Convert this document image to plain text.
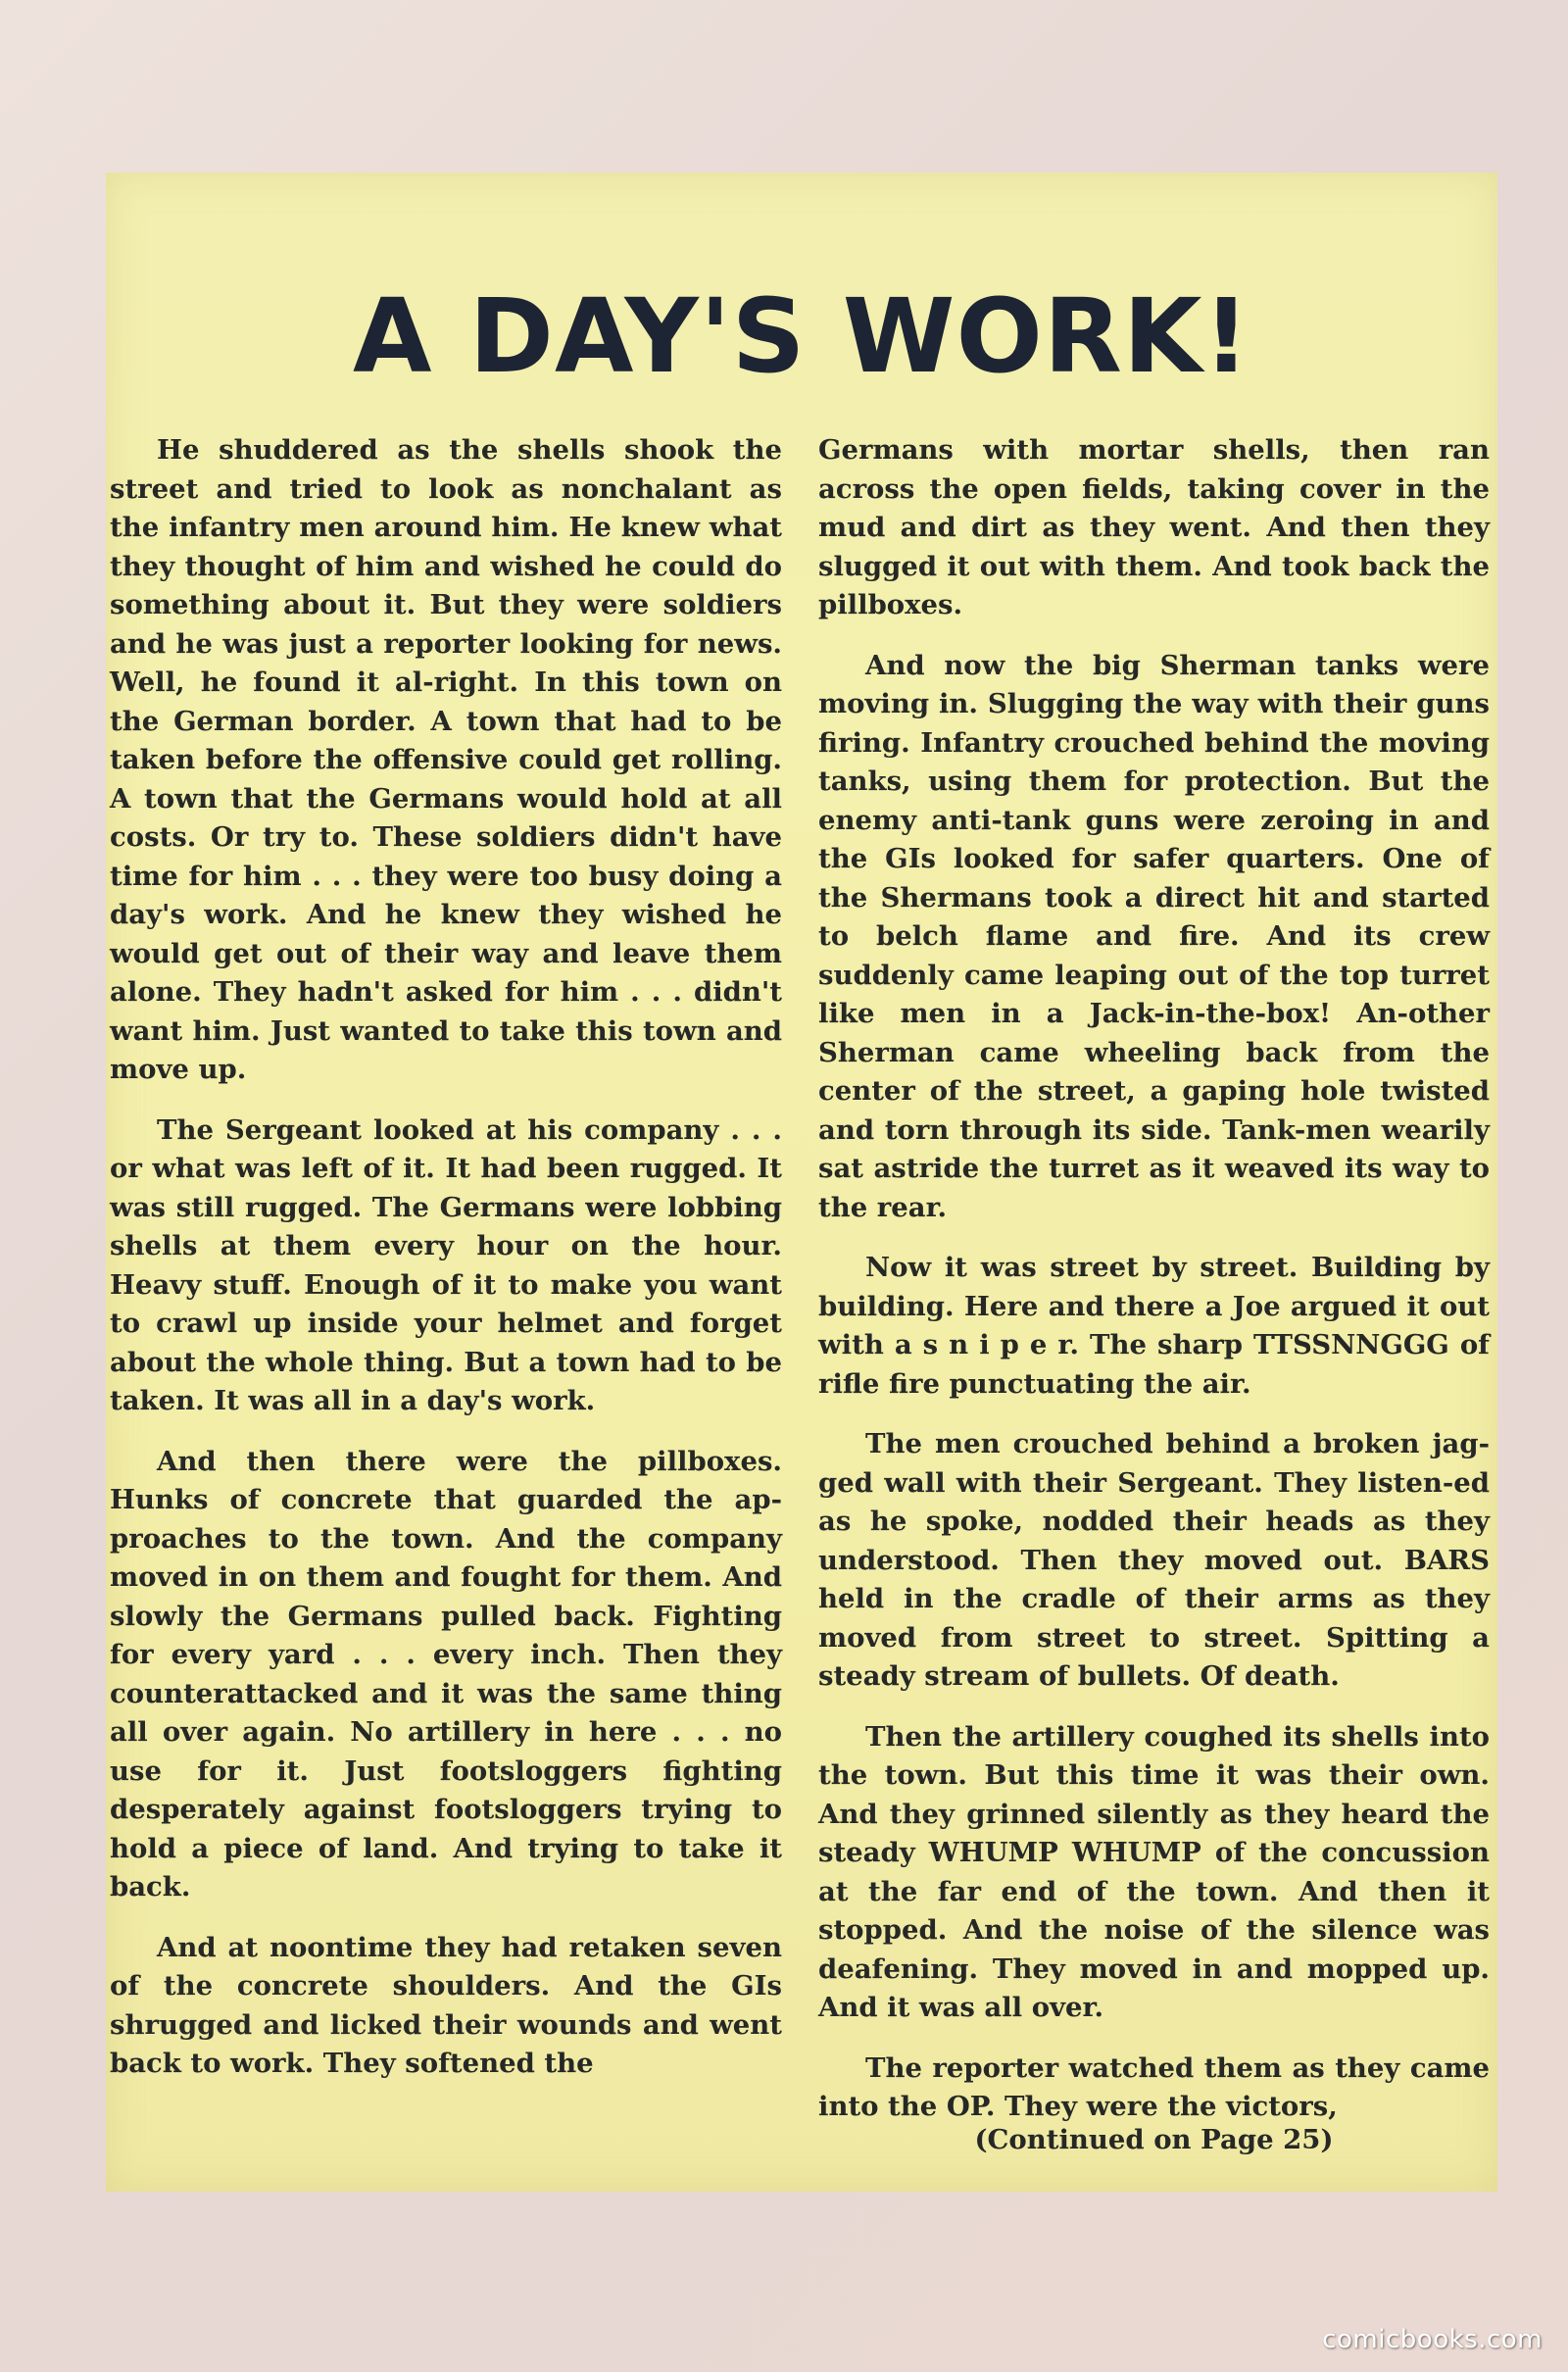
A DAY'S WORK!

He shuddered as the shells shook the street and tried to look as nonchalant as the infantry men around him. He knew what they thought of him and wished he could do something about it. But they were soldiers and he was just a reporter looking for news. Well, he found it al-right. In this town on the German border. A town that had to be taken before the offensive could get rolling. A town that the Germans would hold at all costs. Or try to. These soldiers didn't have time for him . . . they were too busy doing a day's work. And he knew they wished he would get out of their way and leave them alone. They hadn't asked for him . . . didn't want him. Just wanted to take this town and move up.

The Sergeant looked at his company . . . or what was left of it. It had been rugged. It was still rugged. The Germans were lobbing shells at them every hour on the hour. Heavy stuff. Enough of it to make you want to crawl up inside your helmet and forget about the whole thing. But a town had to be taken. It was all in a day's work.

And then there were the pillboxes. Hunks of concrete that guarded the ap-proaches to the town. And the company moved in on them and fought for them. And slowly the Germans pulled back. Fighting for every yard . . . every inch. Then they counterattacked and it was the same thing all over again. No artillery in here . . . no use for it. Just footsloggers fighting desperately against footsloggers trying to hold a piece of land. And trying to take it back.

And at noontime they had retaken seven of the concrete shoulders. And the GIs shrugged and licked their wounds and went back to work. They softened the

Germans with mortar shells, then ran across the open fields, taking cover in the mud and dirt as they went. And then they slugged it out with them. And took back the pillboxes.

And now the big Sherman tanks were moving in. Slugging the way with their guns firing. Infantry crouched behind the moving tanks, using them for protection. But the enemy anti-tank guns were zeroing in and the GIs looked for safer quarters. One of the Shermans took a direct hit and started to belch flame and fire. And its crew suddenly came leaping out of the top turret like men in a Jack-in-the-box! An-other Sherman came wheeling back from the center of the street, a gaping hole twisted and torn through its side. Tank-men wearily sat astride the turret as it weaved its way to the rear.

Now it was street by street. Building by building. Here and there a Joe argued it out with a s n i p e r. The sharp TTSSNNGGG of rifle fire punctuating the air.

The men crouched behind a broken jag-ged wall with their Sergeant. They listen-ed as he spoke, nodded their heads as they understood. Then they moved out. BARS held in the cradle of their arms as they moved from street to street. Spitting a steady stream of bullets. Of death.

Then the artillery coughed its shells into the town. But this time it was their own. And they grinned silently as they heard the steady WHUMP WHUMP of the concussion at the far end of the town. And then it stopped. And the noise of the silence was deafening. They moved in and mopped up. And it was all over.

The reporter watched them as they came into the OP. They were the victors,

(Continued on Page 25)
comicbooks.com
